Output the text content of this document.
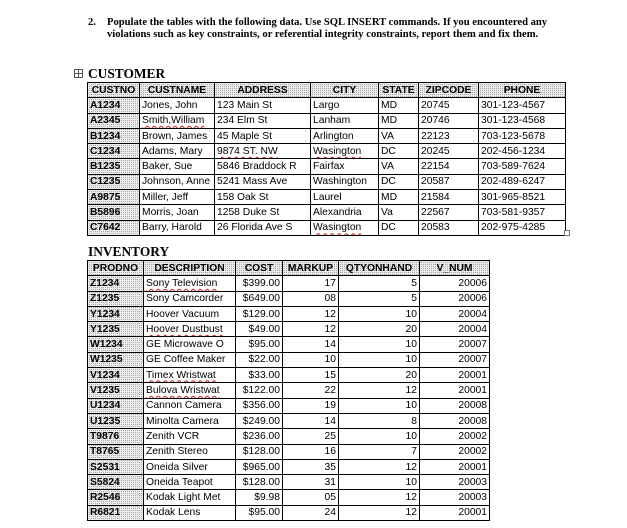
2. Populate the tables with the following data. Use SQL INSERT commands. If you encountered any violations such as key constraints, or referential integrity constraints, report them and fix them.
CUSTOMER
CUSTNO	CUSTNAME	ADDRESS	CITY	STATE	ZIPCODE	PHONE
A1234	Jones, John	123 Main St	Largo	MD	20745	301-123-4567
A2345	Smith,William	234 Elm St	Lanham	MD	20746	301-123-4568
B1234	Brown, James	45 Maple St	Arlington	VA	22123	703-123-5678
C1234	Adams, Mary	9874 ST. NW	Wasington	DC	20245	202-456-1234
B1235	Baker, Sue	5846 Braddock R	Fairfax	VA	22154	703-589-7624
C1235	Johnson, Anne	5241 Mass Ave	Washington	DC	20587	202-489-6247
A9875	Miller, Jeff	158 Oak St	Laurel	MD	21584	301-965-8521
B5896	Morris, Joan	1258 Duke St	Alexandria	Va	22567	703-581-9357
C7642	Barry, Harold	26 Florida Ave S	Wasington	DC	20583	202-975-4285
INVENTORY
PRODNO	DESCRIPTION	COST	MARKUP	QTYONHAND	V_NUM
Z1234	Sony Television	$399.00	17	5	20006
Z1235	Sony Camcorder	$649.00	08	5	20006
Y1234	Hoover Vacuum	$129.00	12	10	20004
Y1235	Hoover Dustbust	$49.00	12	20	20004
W1234	GE Microwave O	$95.00	14	10	20007
W1235	GE Coffee Maker	$22.00	10	10	20007
V1234	Timex Wristwat	$33.00	15	20	20001
V1235	Bulova Wristwat	$122.00	22	12	20001
U1234	Cannon Camera	$356.00	19	10	20008
U1235	Minolta Camera	$249.00	14	8	20008
T9876	Zenith VCR	$236.00	25	10	20002
T8765	Zenith Stereo	$128.00	16	7	20002
S2531	Oneida Silver	$965.00	35	12	20001
S5824	Oneida Teapot	$128.00	31	10	20003
R2546	Kodak Light Met	$9.98	05	12	20003
R6821	Kodak Lens	$95.00	24	12	20001
